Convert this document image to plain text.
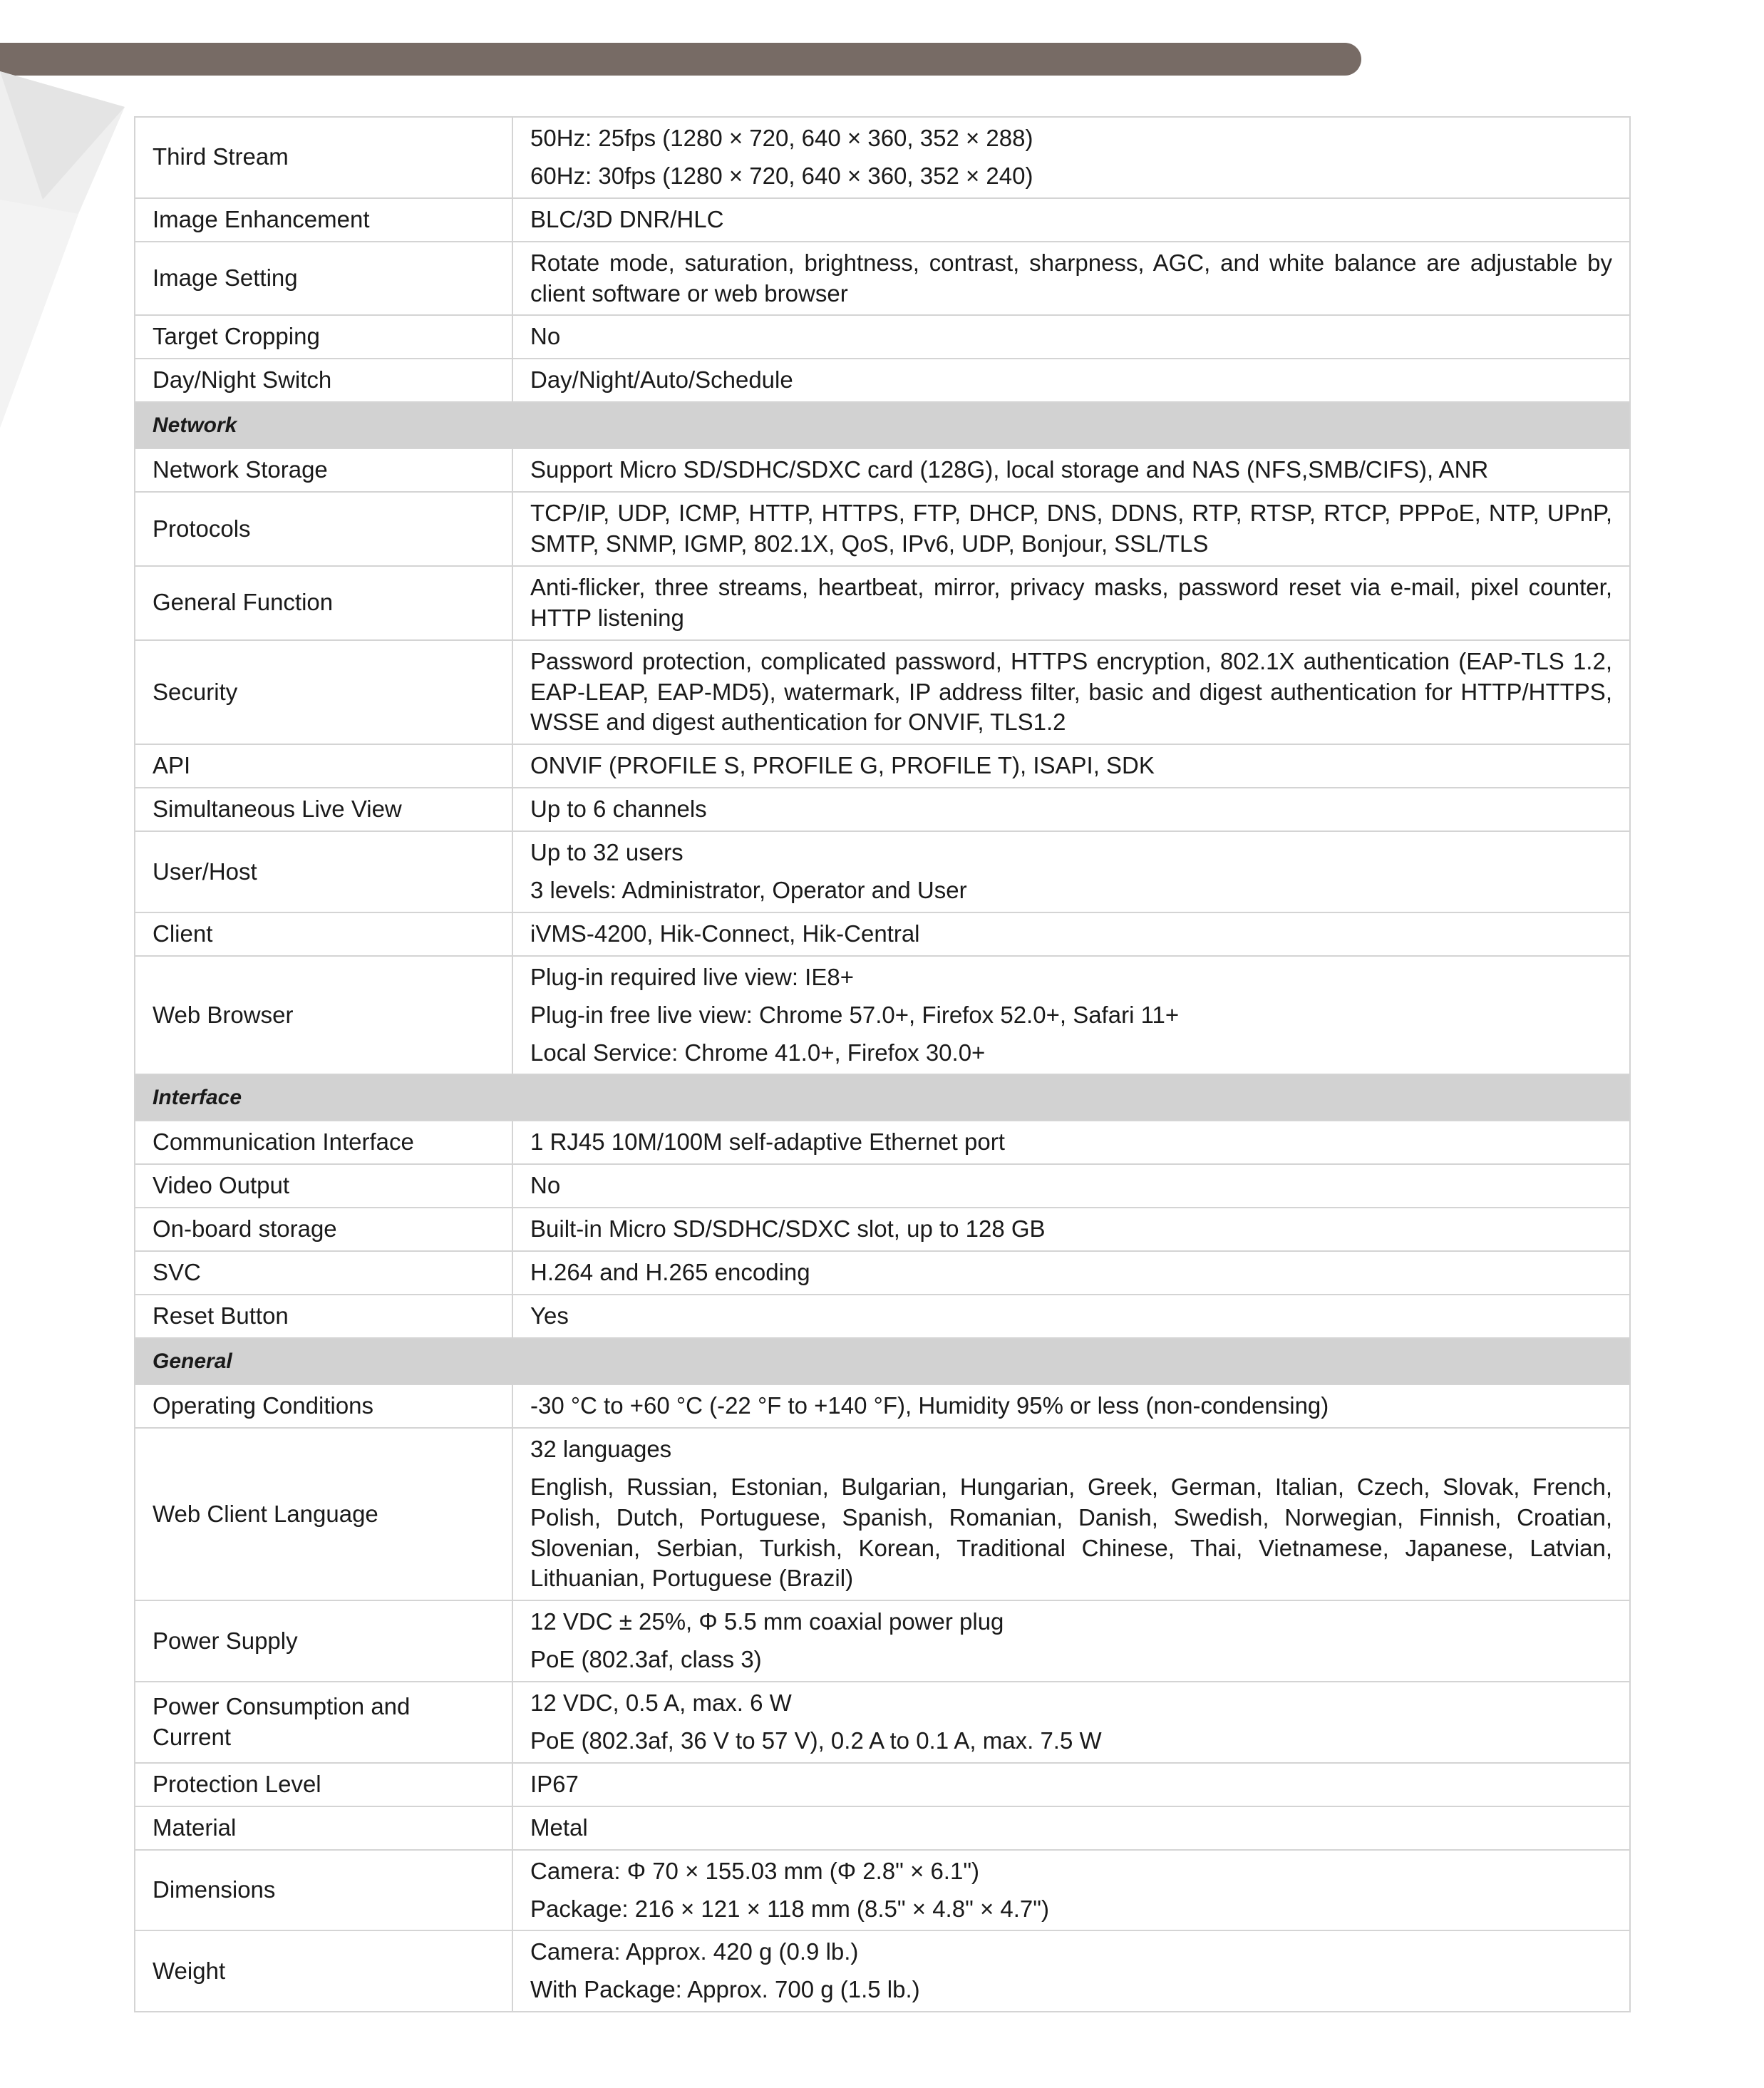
Third Stream	50Hz: 25fps (1280 × 720, 640 × 360, 352 × 288)
60Hz: 30fps (1280 × 720, 640 × 360, 352 × 240)

Image Enhancement	BLC/3D DNR/HLC

Image Setting	Rotate mode, saturation, brightness, contrast, sharpness, AGC, and white balance are adjustable by client software or web browser

Target Cropping	No

Day/Night Switch	Day/Night/Auto/Schedule

Network	
Network Storage	Support Micro SD/SDHC/SDXC card (128G), local storage and NAS (NFS,SMB/CIFS), ANR

Protocols	TCP/IP, UDP, ICMP, HTTP, HTTPS, FTP, DHCP, DNS, DDNS, RTP, RTSP, RTCP, PPPoE, NTP, UPnP, SMTP, SNMP, IGMP, 802.1X, QoS, IPv6, UDP, Bonjour, SSL/TLS

General Function	Anti-flicker, three streams, heartbeat, mirror, privacy masks, password reset via e-mail, pixel counter, HTTP listening

Security	Password protection, complicated password, HTTPS encryption, 802.1X authentication (EAP-TLS 1.2, EAP-LEAP, EAP-MD5), watermark, IP address filter, basic and digest authentication for HTTP/HTTPS, WSSE and digest authentication for ONVIF, TLS1.2

API	ONVIF (PROFILE S, PROFILE G, PROFILE T), ISAPI, SDK

Simultaneous Live View	Up to 6 channels

User/Host	Up to 32 users
3 levels: Administrator, Operator and User

Client	iVMS-4200, Hik-Connect, Hik-Central

Web Browser	Plug-in required live view: IE8+
Plug-in free live view: Chrome 57.0+, Firefox 52.0+, Safari 11+
Local Service: Chrome 41.0+, Firefox 30.0+

Interface	
Communication Interface	1 RJ45 10M/100M self-adaptive Ethernet port

Video Output	No

On-board storage	Built-in Micro SD/SDHC/SDXC slot, up to 128 GB

SVC	H.264 and H.265 encoding

Reset Button	Yes

General	
Operating Conditions	-30 °C to +60 °C (-22 °F to +140 °F), Humidity 95% or less (non-condensing)

Web Client Language	32 languages
English, Russian, Estonian, Bulgarian, Hungarian, Greek, German, Italian, Czech, Slovak, French, Polish, Dutch, Portuguese, Spanish, Romanian, Danish, Swedish, Norwegian, Finnish, Croatian, Slovenian, Serbian, Turkish, Korean, Traditional Chinese, Thai, Vietnamese, Japanese, Latvian, Lithuanian, Portuguese (Brazil)

Power Supply	12 VDC ± 25%, Φ 5.5 mm coaxial power plug
PoE (802.3af, class 3)

Power Consumption and Current	12 VDC, 0.5 A, max. 6 W
PoE (802.3af, 36 V to 57 V), 0.2 A to 0.1 A, max. 7.5 W

Protection Level	IP67

Material	Metal

Dimensions	Camera: Φ 70 × 155.03 mm (Φ 2.8" × 6.1")
Package: 216 × 121 × 118 mm (8.5" × 4.8" × 4.7")

Weight	Camera: Approx. 420 g (0.9 lb.)
With Package: Approx. 700 g (1.5 lb.)
